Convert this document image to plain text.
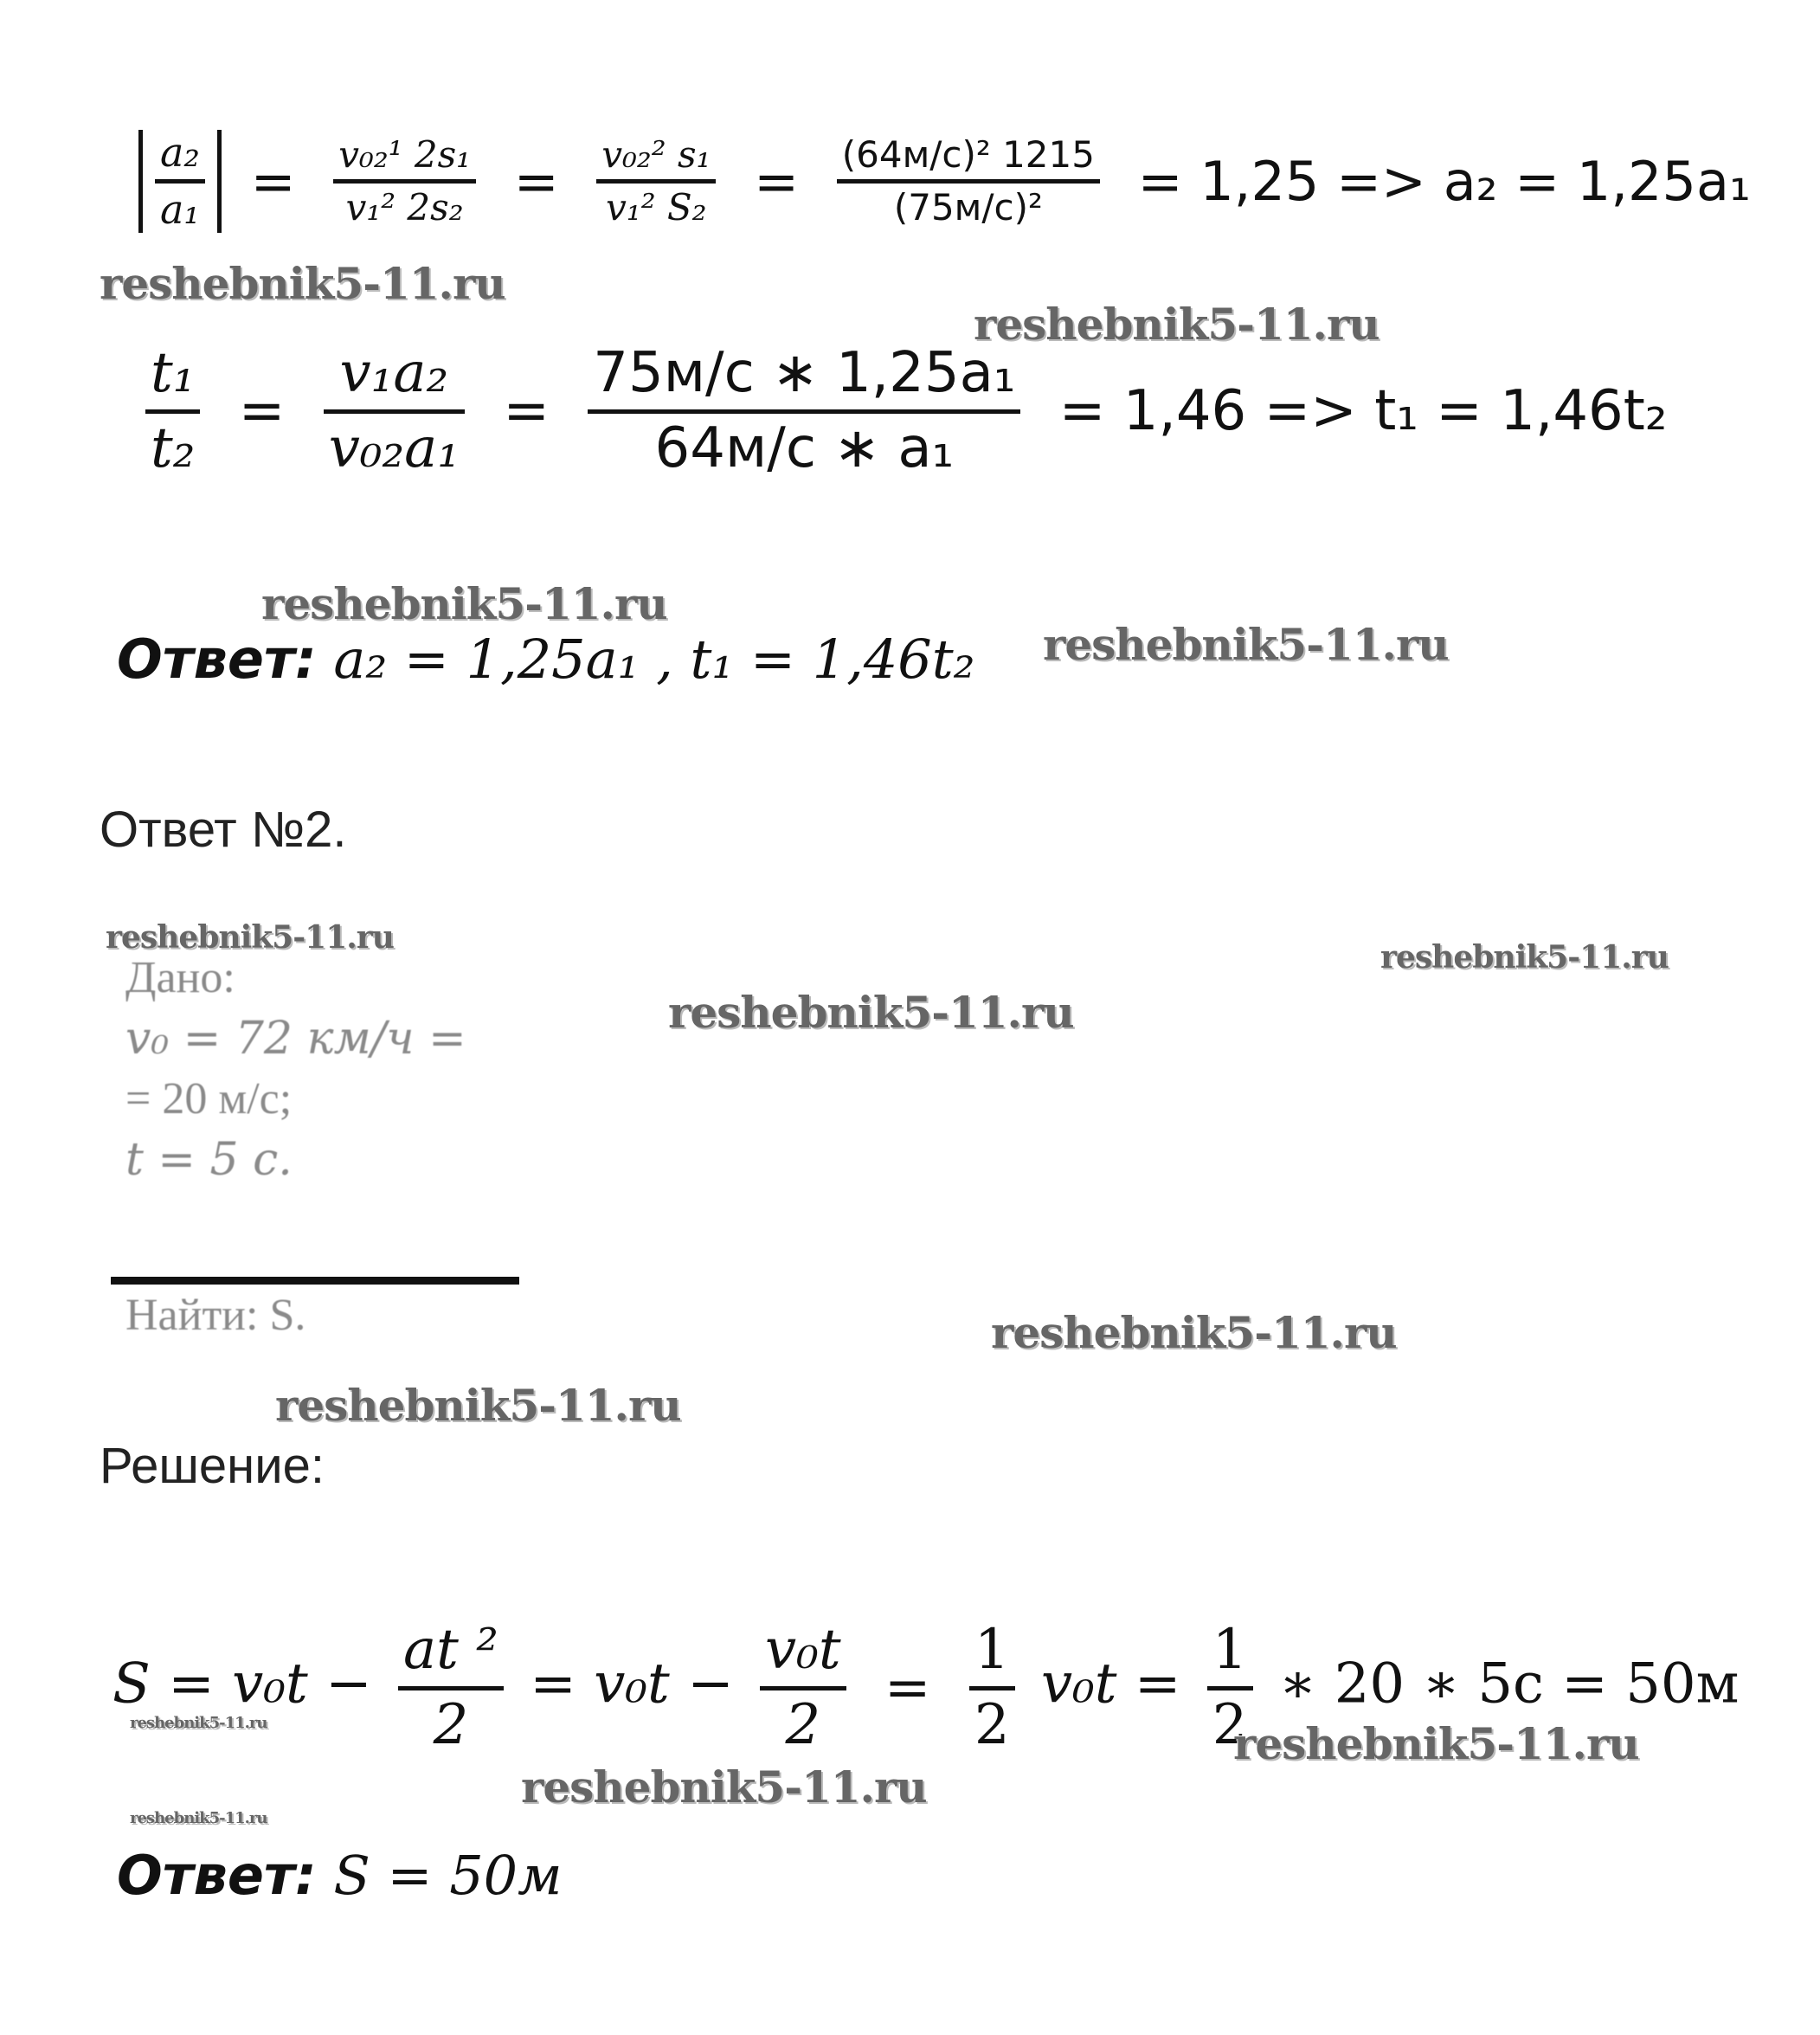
$\frac{\text{a₂}}{\text{a₁}} = \frac{\text{v₀₂¹ 2s₁}}{\text{v₁² 2s₂}} = \frac{\text{v₀₂² s₁}}{\text{v₁² S₂}} = \frac{\text{(64м/с)² 1215}}{\text{(75м/с)²}} = 1,25 => a_2 = 1,25a_1$
reshebnik5-11.ru
reshebnik5-11.ru
$\frac{\text{t₁}}{\text{t₂}} = \frac{\text{v₁a₂}}{\text{v₀₂a₁}} = \frac{\text{75м/с ∗ 1,25a₁}}{\text{64м/с ∗ a₁}} = 1,46 => t_1 = 1,46t_2$
reshebnik5-11.ru
Ответ: a₂ = 1,25a₁ , t₁ = 1,46t₂ reshebnik5-11.ru
Ответ №2.
reshebnik5-11.ru
reshebnik5-11.ru
reshebnik5-11.ru
Дано:
v₀ = 72 км/ч =
= 20 м/с;
t = 5 с.
Найти: S.	reshebnik5-11.ru
reshebnik5-11.ru
Решение:
$S = v_0t - \frac{\text{at ²}}{2} = v_0t - \frac{\text{v₀t}}{2} = \frac{1}{2} v_0t = \frac{1}{2}$ ∗ 20 ∗ 5c = 50м
reshebnik5-11.ru	reshebnik5-11.ru
reshebnik5-11.ru
reshebnik5-11.ru
Ответ: S = 50м
